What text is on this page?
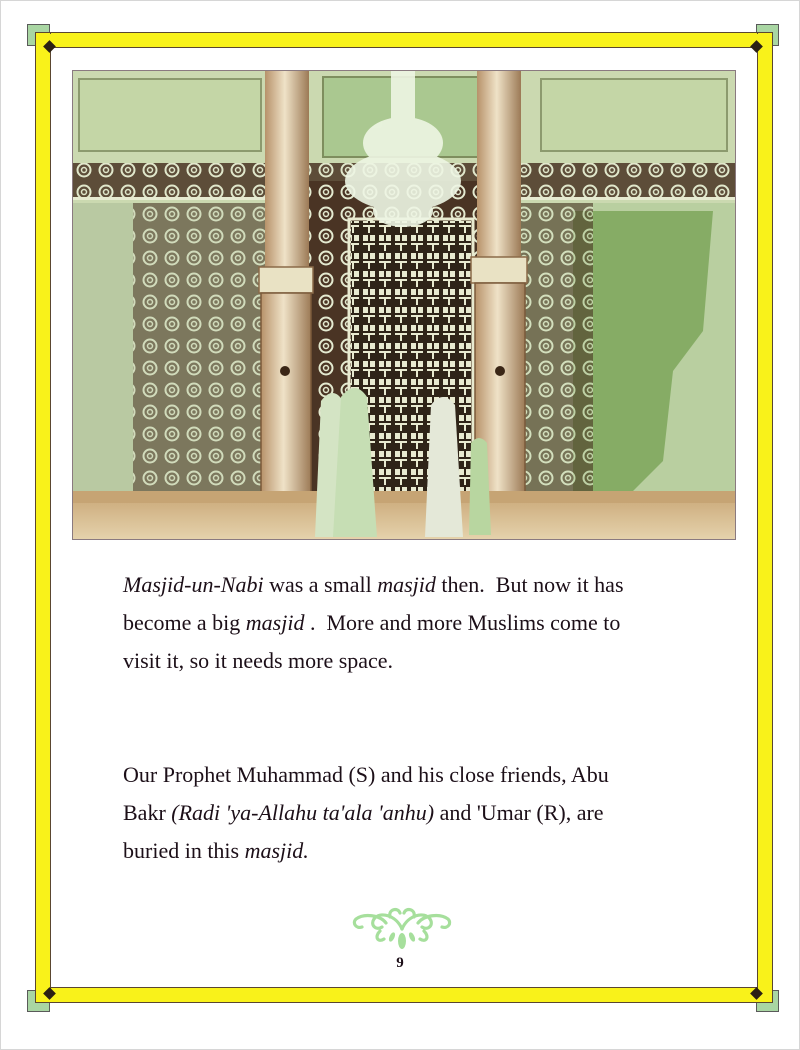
Masjid-un-Nabi was a small masjid then.  But now it has

become a big masjid .  More and more Muslims come to

visit it, so it needs more space.

Our Prophet Muhammad (S) and his close friends, Abu

Bakr (Radi 'ya-Allahu ta'ala 'anhu) and 'Umar (R), are

buried in this masjid.

9
